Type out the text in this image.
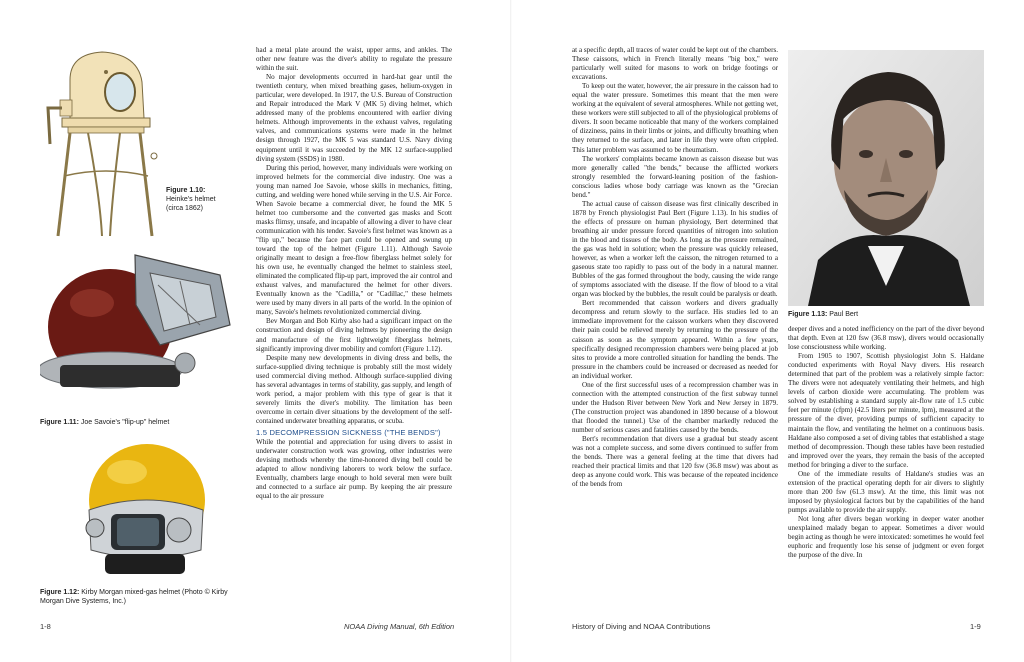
Figure 1.10:
Heinke's helmet
(circa 1862)
Figure 1.11: Joe Savoie's "flip-up" helmet
Figure 1.12: Kirby Morgan mixed-gas helmet (Photo © Kirby Morgan Dive Systems, Inc.)

had a metal plate around the waist, upper arms, and ankles. The other new feature was the diver's ability to regulate the pressure within the suit.

No major developments occurred in hard-hat gear until the twentieth century, when mixed breathing gases, helium-oxygen in particular, were developed. In 1917, the U.S. Bureau of Construction and Repair introduced the Mark V (MK 5) diving helmet, which addressed many of the problems encountered with earlier diving helmets. Although improvements in the exhaust valves, regulating valves, and communications systems were made in the helmet design through 1927, the MK 5 was standard U.S. Navy diving equipment until it was succeeded by the MK 12 surface-supplied diving system (SSDS) in 1980.

During this period, however, many individuals were working on improved helmets for the commercial dive industry. One was a young man named Joe Savoie, whose skills in mechanics, fitting, cutting, and welding were honed while serving in the U.S. Air Force. When Savoie became a commercial diver, he found the MK 5 helmet too cumbersome and the converted gas masks and Scott masks flimsy, unsafe, and incapable of allowing a diver to have clear communication with his tender. Savoie's first helmet was known as a "flip up," because the face part could be opened and swung up toward the top of the helmet (Figure 1.11). Although Savoie originally meant to design a free-flow fiberglass helmet solely for his own use, he eventually changed the helmet to stainless steel, eliminated the complicated flip-up part, improved the air control and exhaust valves, and manufactured the helmet for other divers. Eventually known as the "Cadilla," or "Cadillac," these helmets were used by many divers in all parts of the world. In the opinion of many, Savoie's helmets revolutionized commercial diving.

Bev Morgan and Bob Kirby also had a significant impact on the construction and design of diving helmets by pioneering the design and manufacture of the first lightweight fiberglass helmets, significantly improving diver mobility and comfort (Figure 1.12).

Despite many new developments in diving dress and bells, the surface-supplied diving technique is probably still the most widely used commercial diving method. Although surface-supplied diving has several advantages in terms of stability, gas supply, and length of work period, a major problem with this type of gear is that it severely limits the diver's mobility. The limitation has been overcome in certain diver situations by the development of the self-contained underwater breathing apparatus, or scuba.

1.5 DECOMPRESSION SICKNESS ("THE BENDS")

While the potential and appreciation for using divers to assist in underwater construction work was growing, other industries were devising methods whereby the time-honored diving bell could be adapted to allow nondiving laborers to work below the surface. Eventually, chambers large enough to hold several men were built and connected to a surface air pump. By keeping the air pressure equal to the air pressure

1-8	NOAA Diving Manual, 6th Edition

at a specific depth, all traces of water could be kept out of the chambers. These caissons, which in French literally means "big box," were particularly well suited for masons to work on bridge footings or excavations.

To keep out the water, however, the air pressure in the caisson had to equal the water pressure. Sometimes this meant that the men were working at the equivalent of several atmospheres. While not getting wet, these workers were still subjected to all of the physiological problems of divers. It soon became noticeable that many of the workers complained of dizziness, pains in their limbs or joints, and difficulty breathing when they returned to the surface, and later in life they were often crippled. This latter problem was assumed to be rheumatism.

The workers' complaints became known as caisson disease but was more generally called "the bends," because the afflicted workers strongly resembled the forward-leaning position of the fashion-conscious ladies whose body carriage was known as the "Grecian bend."

The actual cause of caisson disease was first clinically described in 1878 by French physiologist Paul Bert (Figure 1.13). In his studies of the effects of pressure on human physiology, Bert determined that breathing air under pressure forced quantities of nitrogen into solution in the blood and tissues of the body. As long as the pressure remained, the gas was held in solution; when the pressure was quickly released, however, as when a worker left the caisson, the nitrogen returned to a gaseous state too rapidly to pass out of the body in a natural manner. Bubbles of the gas formed throughout the body, causing the wide range of symptoms associated with the disease. If the flow of blood to a vital organ was blocked by the bubbles, the result could be paralysis or death.

Bert recommended that caisson workers and divers gradually decompress and return slowly to the surface. His studies led to an immediate improvement for the caisson workers when they discovered their pain could be relieved merely by returning to the pressure of the caisson as soon as the symptom appeared. Within a few years, specifically designed recompression chambers were being placed at job sites to provide a more controlled situation for handling the bends. The pressure in the chambers could be increased or decreased as needed for an individual worker.

One of the first successful uses of a recompression chamber was in connection with the attempted construction of the first subway tunnel under the Hudson River between New York and New Jersey in 1879. (The construction project was abandoned in 1890 because of a blowout that flooded the tunnel.) Use of the chamber markedly reduced the number of serious cases and fatalities caused by the bends.

Bert's recommendation that divers use a gradual but steady ascent was not a complete success, and some divers continued to suffer from the bends. There was a general feeling at the time that divers had reached their practical limits and that 120 fsw (36.8 msw) was about as deep as anyone could work. This was because of the repeated incidence of the bends from

Figure 1.13: Paul Bert

deeper dives and a noted inefficiency on the part of the diver beyond that depth. Even at 120 fsw (36.8 msw), divers would occasionally lose consciousness while working.

From 1905 to 1907, Scottish physiologist John S. Haldane conducted experiments with Royal Navy divers. His research determined that part of the problem was a relatively simple factor: The divers were not adequately ventilating their helmets, and high levels of carbon dioxide were accumulating. The problem was solved by establishing a standard supply air-flow rate of 1.5 cubic feet per minute (cfpm) (42.5 liters per minute, lpm), measured at the pressure of the diver, providing pumps of sufficient capacity to maintain the flow, and ventilating the helmet on a continuous basis. Haldane also composed a set of diving tables that established a stage method of decompression. Though these tables have been restudied and improved over the years, they remain the basis of the accepted method for bringing a diver to the surface.

One of the immediate results of Haldane's studies was an extension of the practical operating depth for air divers to slightly more than 200 fsw (61.3 msw). At the time, this limit was not imposed by physiological factors but by the capabilities of the hand pumps available to provide the air supply.

Not long after divers began working in deeper water another unexplained malady began to appear. Sometimes a diver would begin acting as though he were intoxicated: sometimes he would feel euphoric and frequently lose his sense of judgment or even forget the purpose of the dive. In

History of Diving and NOAA Contributions	1-9
